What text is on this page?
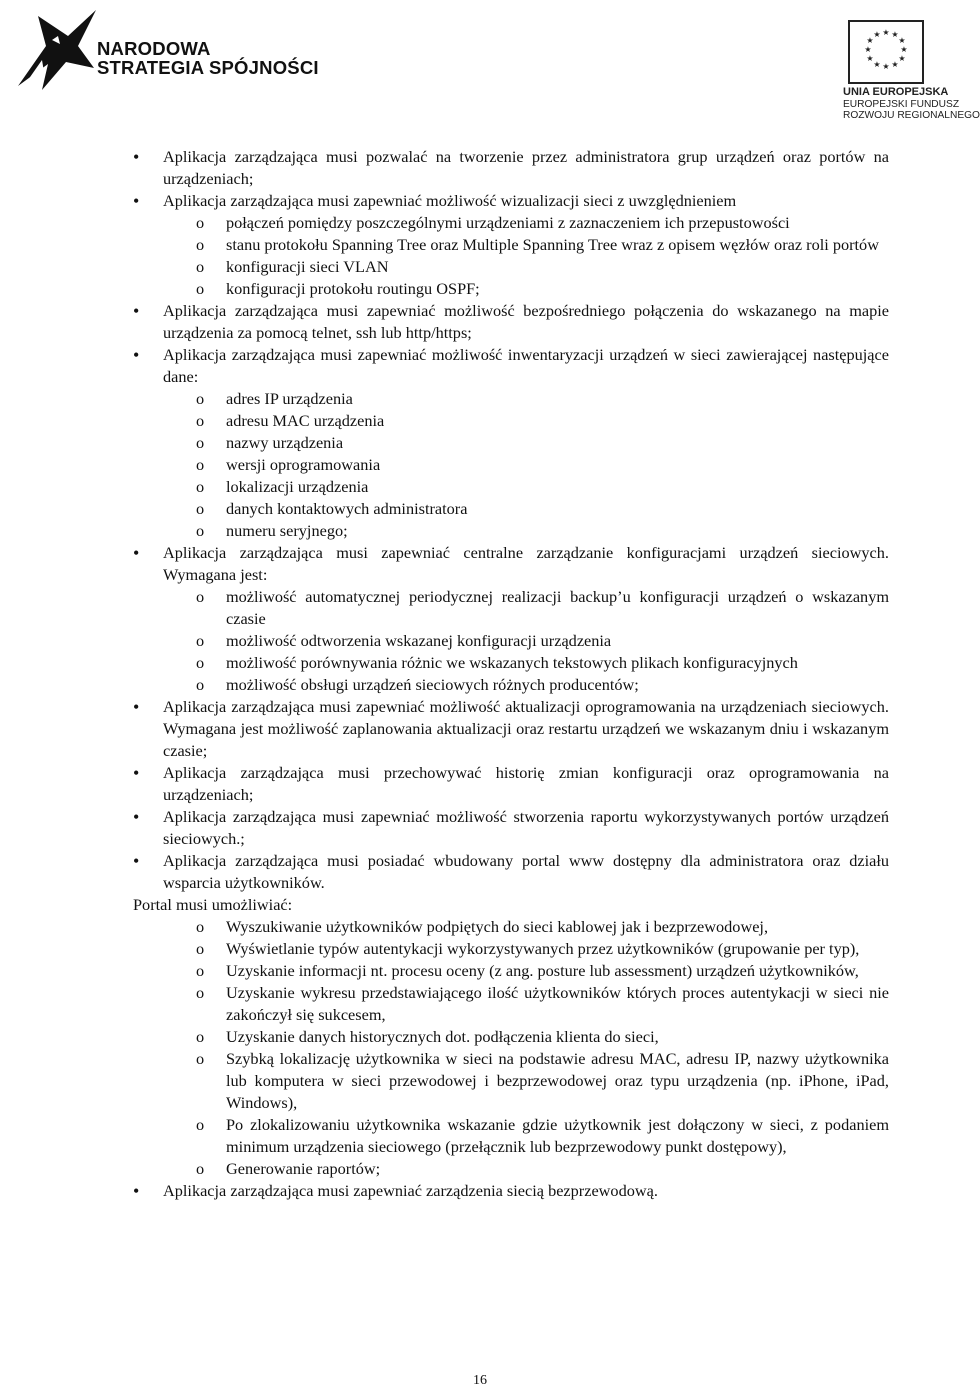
NARODOWA
STRATEGIA SPÓJNOŚCI
★ ★
★
★
★
★
★
★
★
★
★
★
UNIA EUROPEJSKA
EUROPEJSKI FUNDUSZ
ROZWOJU REGIONALNEGO
• Aplikacja zarządzająca musi pozwalać na tworzenie przez administratora grup urządzeń oraz portów na urządzeniach;
• Aplikacja zarządzająca musi zapewniać możliwość wizualizacji sieci z uwzględnieniem
o połączeń pomiędzy poszczególnymi urządzeniami z zaznaczeniem ich przepustowości
o stanu protokołu Spanning Tree oraz Multiple Spanning Tree wraz z opisem węzłów oraz roli portów
o konfiguracji sieci VLAN
o konfiguracji protokołu routingu OSPF;
• Aplikacja zarządzająca musi zapewniać możliwość bezpośredniego połączenia do wskazanego na mapie urządzenia za pomocą telnet, ssh lub http/https;
• Aplikacja zarządzająca musi zapewniać możliwość inwentaryzacji urządzeń w sieci zawierającej następujące dane:
o adres IP urządzenia
o adresu MAC urządzenia
o nazwy urządzenia
o wersji oprogramowania
o lokalizacji urządzenia
o danych kontaktowych administratora
o numeru seryjnego;
• Aplikacja zarządzająca musi zapewniać centralne zarządzanie konfiguracjami urządzeń sieciowych. Wymagana jest:
o możliwość automatycznej periodycznej realizacji backup’u konfiguracji urządzeń o wskazanym czasie
o możliwość odtworzenia wskazanej konfiguracji urządzenia
o możliwość porównywania różnic we wskazanych tekstowych plikach konfiguracyjnych
o możliwość obsługi urządzeń sieciowych różnych producentów;
• Aplikacja zarządzająca musi zapewniać możliwość aktualizacji oprogramowania na urządzeniach sieciowych. Wymagana jest możliwość zaplanowania aktualizacji oraz restartu urządzeń we wskazanym dniu i wskazanym czasie;
• Aplikacja zarządzająca musi przechowywać historię zmian konfiguracji oraz oprogramowania na urządzeniach;
• Aplikacja zarządzająca musi zapewniać możliwość stworzenia raportu wykorzystywanych portów urządzeń sieciowych.;
• Aplikacja zarządzająca musi posiadać wbudowany portal www dostępny dla administratora oraz działu wsparcia użytkowników.
Portal musi umożliwiać:
o Wyszukiwanie użytkowników podpiętych do sieci kablowej jak i bezprzewodowej,
o Wyświetlanie typów autentykacji wykorzystywanych przez użytkowników (grupowanie per typ),
o Uzyskanie informacji nt. procesu oceny (z ang. posture lub assessment) urządzeń użytkowników,
o Uzyskanie wykresu przedstawiającego ilość użytkowników których proces autentykacji w sieci nie zakończył się sukcesem,
o Uzyskanie danych historycznych dot. podłączenia klienta do sieci,
o Szybką lokalizację użytkownika w sieci na podstawie adresu MAC, adresu IP, nazwy użytkownika lub komputera w sieci przewodowej i bezprzewodowej oraz typu urządzenia (np. iPhone, iPad, Windows),
o Po zlokalizowaniu użytkownika wskazanie gdzie użytkownik jest dołączony w sieci, z podaniem minimum urządzenia sieciowego (przełącznik lub bezprzewodowy punkt dostępowy),
o Generowanie raportów;
• Aplikacja zarządzająca musi zapewniać zarządzenia siecią bezprzewodową.
16
